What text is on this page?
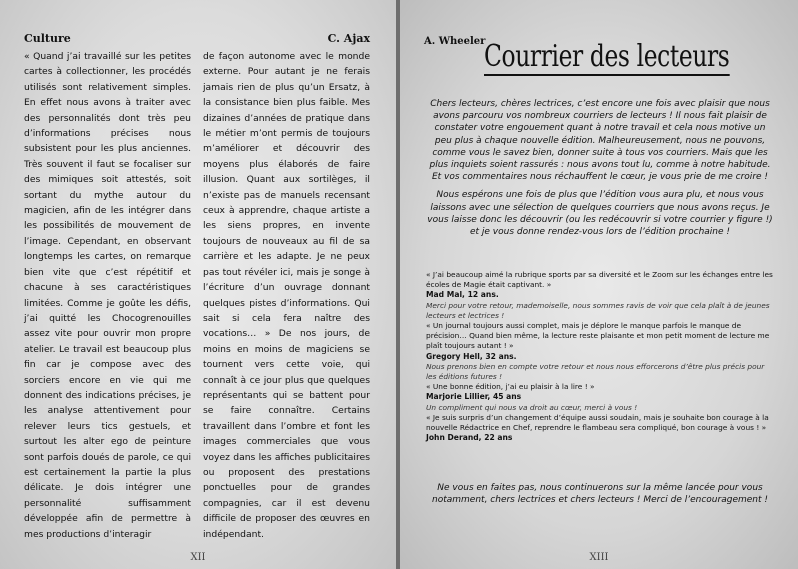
Culture	C. Ajax

« Quand j’ai travaillé sur les petites cartes à collectionner, les procédés utilisés sont relativement simples. En effet nous avons à traiter avec des personnalités dont très peu d’informations précises nous subsistent pour les plus anciennes. Très souvent il faut se focaliser sur des mimiques soit attestés, soit sortant du mythe autour du magicien, afin de les intégrer dans les possibilités de mouvement de l’image. Cependant, en observant longtemps les cartes, on remarque bien vite que c’est répétitif et chacune à ses caractéristiques limitées. Comme je goûte les défis, j’ai quitté les Chocogrenouilles assez vite pour ouvrir mon propre atelier. Le travail est beaucoup plus fin car je compose avec des sorciers encore en vie qui me donnent des indications précises, je les analyse attentivement pour relever leurs tics gestuels, et surtout les alter ego de peinture sont parfois doués de parole, ce qui est certainement la partie la plus délicate. Je dois intégrer une personnalité suffisamment développée afin de permettre à mes productions d’interagir

de façon autonome avec le monde externe. Pour autant je ne ferais jamais rien de plus qu’un Ersatz, à la consistance bien plus faible. Mes dizaines d’années de pratique dans le métier m’ont permis de toujours m’améliorer et découvrir des moyens plus élaborés de faire illusion. Quant aux sortilèges, il n’existe pas de manuels recensant ceux à apprendre, chaque artiste a les siens propres, en invente toujours de nouveaux au fil de sa carrière et les adapte. Je ne peux pas tout révéler ici, mais je songe à l’écriture d’un ouvrage donnant quelques pistes d’informations. Qui sait si cela fera naître des vocations… » De nos jours, de moins en moins de magiciens se tournent vers cette voie, qui connaît à ce jour plus que quelques représentants qui se battent pour se faire connaître. Certains travaillent dans l’ombre et font les images commerciales que vous voyez dans les affiches publicitaires ou proposent des prestations ponctuelles pour de grandes compagnies, car il est devenu difficile de proposer des œuvres en indépendant.

XII
A. Wheeler
Courrier des lecteurs

Chers lecteurs, chères lectrices, c’est encore une fois avec plaisir que nous avons parcouru vos nombreux courriers de lecteurs ! Il nous fait plaisir de constater votre engouement quant à notre travail et cela nous motive un peu plus à chaque nouvelle édition. Malheureusement, nous ne pouvons, comme vous le savez bien, donner suite à tous vos courriers. Mais que les plus inquiets soient rassurés : nous avons tout lu, comme à notre habitude. Et vos commentaires nous réchauffent le cœur, je vous prie de me croire !

Nous espérons une fois de plus que l’édition vous aura plu, et nous vous laissons avec une sélection de quelques courriers que nous avons reçus. Je vous laisse donc les découvrir (ou les redécouvrir si votre courrier y figure !) et je vous donne rendez-vous lors de l’édition prochaine !

« J’ai beaucoup aimé la rubrique sports par sa diversité et le Zoom sur les échanges entre les écoles de Magie était captivant. »

Mad Mal, 12 ans.

Merci pour votre retour, mademoiselle, nous sommes ravis de voir que cela plaît à de jeunes lecteurs et lectrices !

« Un journal toujours aussi complet, mais je déplore le manque parfois le manque de précision… Quand bien même, la lecture reste plaisante et mon petit moment de lecture me plaît toujours autant ! »

Gregory Hell, 32 ans.

Nous prenons bien en compte votre retour et nous nous efforcerons d’être plus précis pour les éditions futures !

« Une bonne édition, j’ai eu plaisir à la lire ! »

Marjorie Lillier, 45 ans

Un compliment qui nous va droit au cœur, merci à vous !

« Je suis surpris d’un changement d’équipe aussi soudain, mais je souhaite bon courage à la nouvelle Rédactrice en Chef, reprendre le flambeau sera compliqué, bon courage à vous ! »

John Derand, 22 ans

Ne vous en faites pas, nous continuerons sur la même lancée pour vous notamment, chers lectrices et chers lecteurs ! Merci de l’encouragement !
XIII
